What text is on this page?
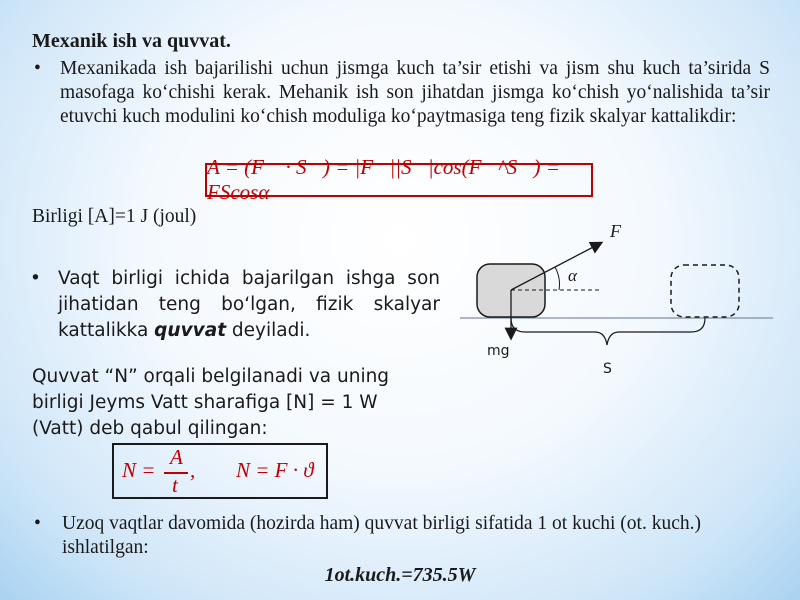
Mexanik ish va quvvat.
• Mexanikada ish bajarilishi uchun jismga kuch ta’sir etishi va jism shu kuch ta’sirida S masofaga ko‘chishi kerak. Mehanik ish son jihatdan jismga ko‘chish yo‘nalishida ta’sir etuvchi kuch modulini ko‘chish moduliga ko‘paytmasiga teng fizik skalyar kattalikdir:
A = (F⃗ · S⃗) = |F⃗||S⃗|cos(F⃗^S⃗) = FScosα
Birligi [A]=1 J (joul)
• Vaqt birligi ichida bajarilgan ishga son jihatidan teng bo‘lgan, fizik skalyar kattalikka quvvat deyiladi.
Quvvat “N” orqali belgilanadi va uning birligi Jeyms Vatt sharafiga [N] = 1 W (Vatt) deb qabul qilingan:
N =
A
t
, N = F · ϑ
• Uzoq vaqtlar davomida (hozirda ham) quvvat birligi sifatida 1 ot kuchi (ot. kuch.) ishlatilgan:
1ot.kuch.=735.5W
F⃗
α
mg
S
